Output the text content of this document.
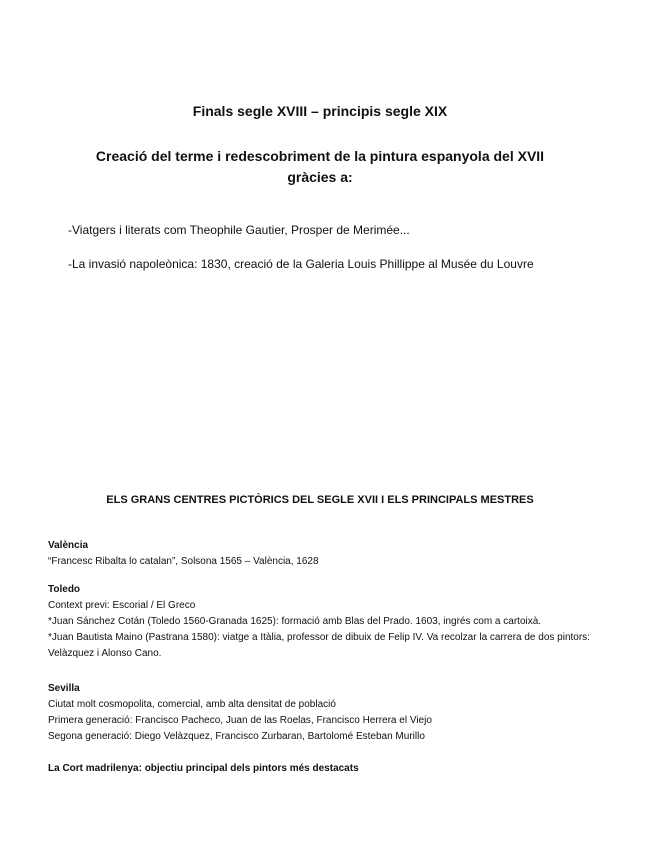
Finals segle XVIII – principis segle XIX
Creació del terme i redescobriment de la pintura espanyola del XVII
gràcies a:
-Viatgers i literats com Theophile Gautier, Prosper de Merimée...
-La invasió napoleònica: 1830, creació de la Galeria Louis Phillippe al Musée du Louvre
ELS GRANS CENTRES PICTÒRICS DEL SEGLE XVII I ELS PRINCIPALS MESTRES
València
“Francesc Ribalta lo catalan”, Solsona 1565 – València, 1628
Toledo
Context previ: Escorial / El Greco
*Juan Sánchez Cotán (Toledo 1560-Granada 1625): formació amb Blas del Prado. 1603, ingrés com a cartoixà.
*Juan Bautista Maino (Pastrana 1580): viatge a Itàlia, professor de dibuix de Felip IV. Va recolzar la carrera de dos pintors: Velàzquez i Alonso Cano.
Sevilla
Ciutat molt cosmopolita, comercial, amb alta densitat de població
Primera generació: Francisco Pacheco, Juan de las Roelas, Francisco Herrera el Viejo
Segona generació: Diego Velàzquez, Francisco Zurbaran, Bartolomé Esteban Murillo
La Cort madrilenya: objectiu principal dels pintors més destacats
